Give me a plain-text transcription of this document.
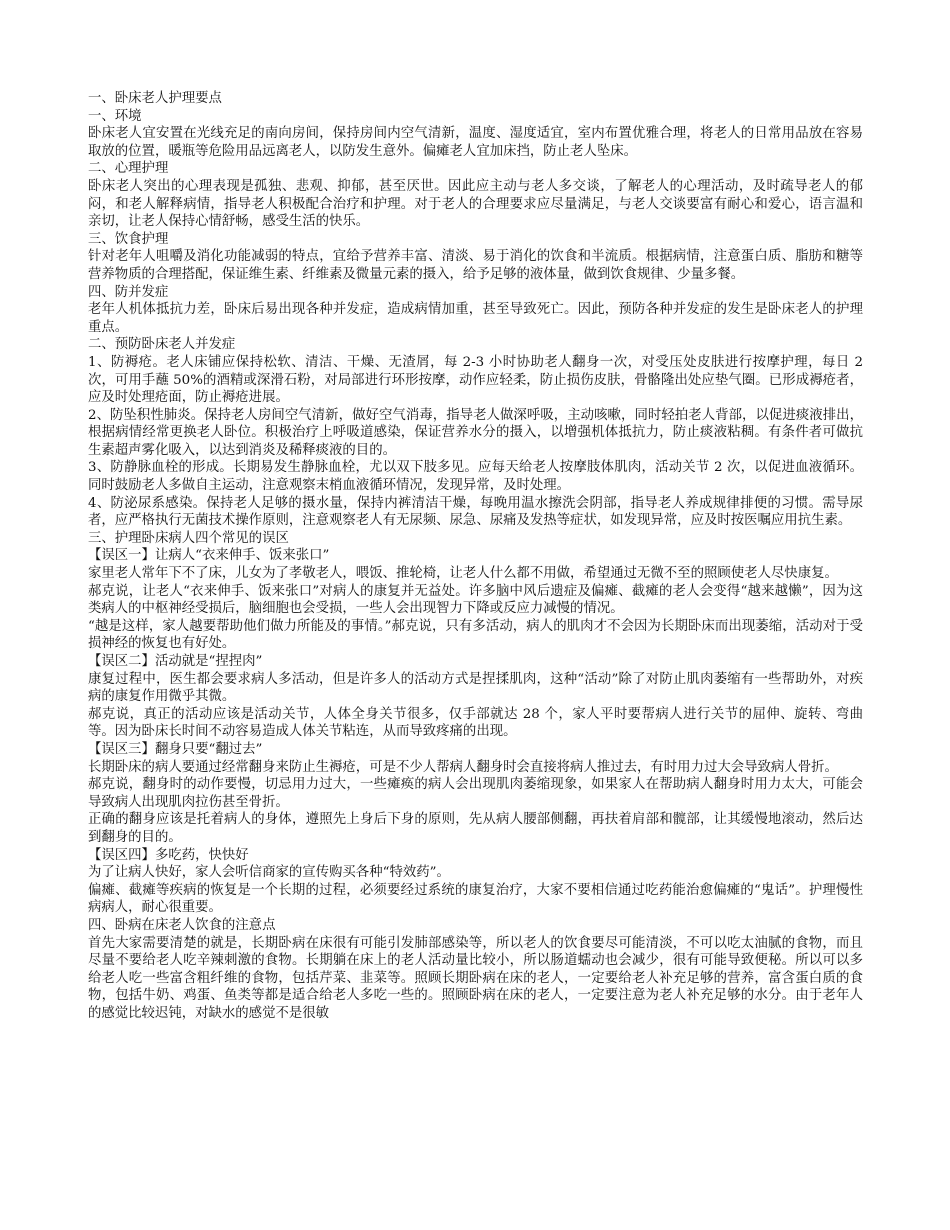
一、卧床老人护理要点

一、环境

卧床老人宜安置在光线充足的南向房间，保持房间内空气清新，温度、湿度适宜，室内布置优雅合理，将老人的日常用品放在容易取放的位置，暖瓶等危险用品远离老人，以防发生意外。偏瘫老人宜加床挡，防止老人坠床。

二、心理护理

卧床老人突出的心理表现是孤独、悲观、抑郁，甚至厌世。因此应主动与老人多交谈，了解老人的心理活动，及时疏导老人的郁闷，和老人解释病情，指导老人积极配合治疗和护理。对于老人的合理要求应尽量满足，与老人交谈要富有耐心和爱心，语言温和亲切，让老人保持心情舒畅，感受生活的快乐。

三、饮食护理

针对老年人咀嚼及消化功能减弱的特点，宜给予营养丰富、清淡、易于消化的饮食和半流质。根据病情，注意蛋白质、脂肪和糖等营养物质的合理搭配，保证维生素、纤维素及微量元素的摄入，给予足够的液体量，做到饮食规律、少量多餐。

四、防并发症

老年人机体抵抗力差，卧床后易出现各种并发症，造成病情加重，甚至导致死亡。因此，预防各种并发症的发生是卧床老人的护理重点。

二、预防卧床老人并发症

1、防褥疮。老人床铺应保持松软、清洁、干燥、无渣屑，每 2-3 小时协助老人翻身一次，对受压处皮肤进行按摩护理，每日 2 次，可用手蘸 50%的酒精或深滑石粉，对局部进行环形按摩，动作应轻柔，防止损伤皮肤，骨骼隆出处应垫气圈。已形成褥疮者，应及时处理疮面，防止褥疮进展。

2、防坠积性肺炎。保持老人房间空气清新，做好空气消毒，指导老人做深呼吸，主动咳嗽，同时轻拍老人背部，以促进痰液排出，根据病情经常更换老人卧位。积极治疗上呼吸道感染，保证营养水分的摄入，以增强机体抵抗力，防止痰液粘稠。有条件者可做抗生素超声雾化吸入，以达到消炎及稀释痰液的目的。

3、防静脉血栓的形成。长期易发生静脉血栓，尤以双下肢多见。应每天给老人按摩肢体肌肉，活动关节 2 次，以促进血液循环。同时鼓励老人多做自主运动，注意观察末梢血液循环情况，发现异常，及时处理。

4、防泌尿系感染。保持老人足够的摄水量，保持内裤清洁干燥，每晚用温水擦洗会阴部，指导老人养成规律排便的习惯。需导尿者，应严格执行无菌技术操作原则，注意观察老人有无尿频、尿急、尿痛及发热等症状，如发现异常，应及时按医嘱应用抗生素。

三、护理卧床病人四个常见的误区

【误区一】让病人“衣来伸手、饭来张口”

家里老人常年下不了床，儿女为了孝敬老人，喂饭、推轮椅，让老人什么都不用做，希望通过无微不至的照顾使老人尽快康复。

郝克说，让老人“衣来伸手、饭来张口”对病人的康复并无益处。许多脑中风后遗症及偏瘫、截瘫的老人会变得“越来越懒”，因为这类病人的中枢神经受损后，脑细胞也会受损，一些人会出现智力下降或反应力减慢的情况。

“越是这样，家人越要帮助他们做力所能及的事情。”郝克说，只有多活动，病人的肌肉才不会因为长期卧床而出现萎缩，活动对于受损神经的恢复也有好处。

【误区二】活动就是“捏捏肉”

康复过程中，医生都会要求病人多活动，但是许多人的活动方式是捏揉肌肉，这种“活动”除了对防止肌肉萎缩有一些帮助外，对疾病的康复作用微乎其微。

郝克说，真正的活动应该是活动关节，人体全身关节很多，仅手部就达 28 个，家人平时要帮病人进行关节的屈伸、旋转、弯曲等。因为卧床长时间不动容易造成人体关节粘连，从而导致疼痛的出现。

【误区三】翻身只要“翻过去”

长期卧床的病人要通过经常翻身来防止生褥疮，可是不少人帮病人翻身时会直接将病人推过去，有时用力过大会导致病人骨折。

郝克说，翻身时的动作要慢，切忌用力过大，一些瘫痪的病人会出现肌肉萎缩现象，如果家人在帮助病人翻身时用力太大，可能会导致病人出现肌肉拉伤甚至骨折。

正确的翻身应该是托着病人的身体，遵照先上身后下身的原则，先从病人腰部侧翻，再扶着肩部和髋部，让其缓慢地滚动，然后达到翻身的目的。

【误区四】多吃药，快快好

为了让病人快好，家人会听信商家的宣传购买各种“特效药”。

偏瘫、截瘫等疾病的恢复是一个长期的过程，必须要经过系统的康复治疗，大家不要相信通过吃药能治愈偏瘫的“鬼话”。护理慢性病病人，耐心很重要。

四、卧病在床老人饮食的注意点

首先大家需要清楚的就是，长期卧病在床很有可能引发肺部感染等，所以老人的饮食要尽可能清淡，不可以吃太油腻的食物，而且尽量不要给老人吃辛辣刺激的食物。长期躺在床上的老人活动量比较小，所以肠道蠕动也会减少，很有可能导致便秘。所以可以多给老人吃一些富含粗纤维的食物，包括芹菜、韭菜等。照顾长期卧病在床的老人，一定要给老人补充足够的营养，富含蛋白质的食物，包括牛奶、鸡蛋、鱼类等都是适合给老人多吃一些的。照顾卧病在床的老人，一定要注意为老人补充足够的水分。由于老年人的感觉比较迟钝，对缺水的感觉不是很敏
